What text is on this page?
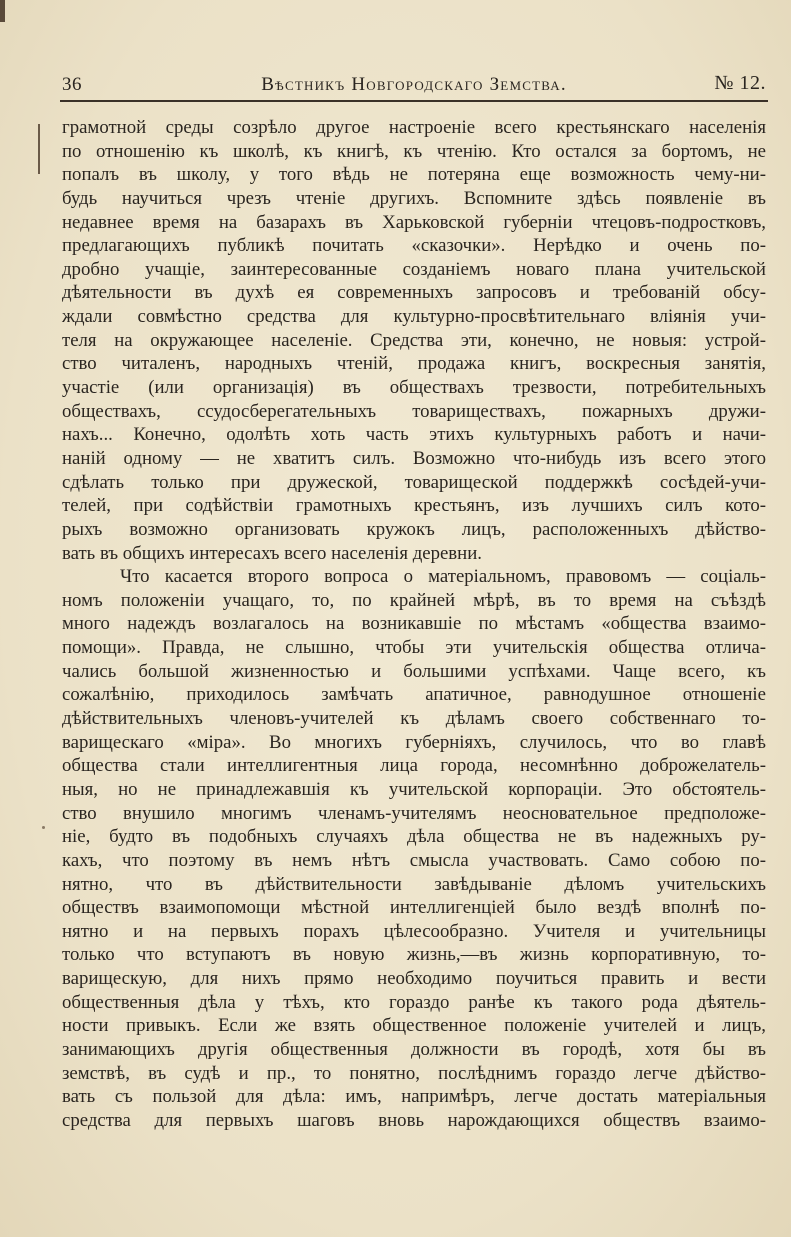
36	Вѣстникъ Новгородскаго Земства.	№ 12.
грамотной среды созрѣло другое настроеніе всего крестьянскаго населенія
по отношенію къ школѣ, къ книгѣ, къ чтенію. Кто остался за бортомъ, не
попалъ въ школу, у того вѣдь не потеряна еще возможность чему-ни-
будь научиться чрезъ чтеніе другихъ. Вспомните здѣсь появленіе въ
недавнее время на базарахъ въ Харьковской губерніи чтецовъ-подростковъ,
предлагающихъ публикѣ почитать «сказочки». Нерѣдко и очень по-
дробно учащіе, заинтересованные созданіемъ новаго плана учительской
дѣятельности въ духѣ ея современныхъ запросовъ и требованій обсу-
ждали совмѣстно средства для культурно-просвѣтительнаго вліянія учи-
теля на окружающее населеніе. Средства эти, конечно, не новыя: устрой-
ство читаленъ, народныхъ чтеній, продажа книгъ, воскресныя занятія,
участіе (или организація) въ обществахъ трезвости, потребительныхъ
обществахъ, ссудосберегательныхъ товариществахъ, пожарныхъ дружи-
нахъ... Конечно, одолѣть хоть часть этихъ культурныхъ работъ и начи-
наній одному — не хватитъ силъ. Возможно что-нибудь изъ всего этого
сдѣлать только при дружеской, товарищеской поддержкѣ сосѣдей-учи-
телей, при содѣйствіи грамотныхъ крестьянъ, изъ лучшихъ силъ кото-
рыхъ возможно организовать кружокъ лицъ, расположенныхъ дѣйство-
вать въ общихъ интересахъ всего населенія деревни.
Что касается второго вопроса о матеріальномъ, правовомъ — соціаль-
номъ положеніи учащаго, то, по крайней мѣрѣ, въ то время на съѣздѣ
много надеждъ возлагалось на возникавшіе по мѣстамъ «общества взаимо-
помощи». Правда, не слышно, чтобы эти учительскія общества отлича-
чались большой жизненностью и большими успѣхами. Чаще всего, къ
сожалѣнію, приходилось замѣчать апатичное, равнодушное отношеніе
дѣйствительныхъ членовъ-учителей къ дѣламъ своего собственнаго то-
варищескаго «міра». Во многихъ губерніяхъ, случилось, что во главѣ
общества стали интеллигентныя лица города, несомнѣнно доброжелатель-
ныя, но не принадлежавшія къ учительской корпораціи. Это обстоятель-
ство внушило многимъ членамъ-учителямъ неосновательное предположе-
ніе, будто въ подобныхъ случаяхъ дѣла общества не въ надежныхъ ру-
кахъ, что поэтому въ немъ нѣтъ смысла участвовать. Само собою по-
нятно, что въ дѣйствительности завѣдываніе дѣломъ учительскихъ
обществъ взаимопомощи мѣстной интеллигенціей было вездѣ вполнѣ по-
нятно и на первыхъ порахъ цѣлесообразно. Учителя и учительницы
только что вступаютъ въ новую жизнь,—въ жизнь корпоративную, то-
варищескую, для нихъ прямо необходимо поучиться править и вести
общественныя дѣла у тѣхъ, кто гораздо ранѣе къ такого рода дѣятель-
ности привыкъ. Если же взять общественное положеніе учителей и лицъ,
занимающихъ другія общественныя должности въ городѣ, хотя бы въ
земствѣ, въ судѣ и пр., то понятно, послѣднимъ гораздо легче дѣйство-
вать съ пользой для дѣла: имъ, напримѣръ, легче достать матеріальныя
средства для первыхъ шаговъ вновь нарождающихся обществъ взаимо-
